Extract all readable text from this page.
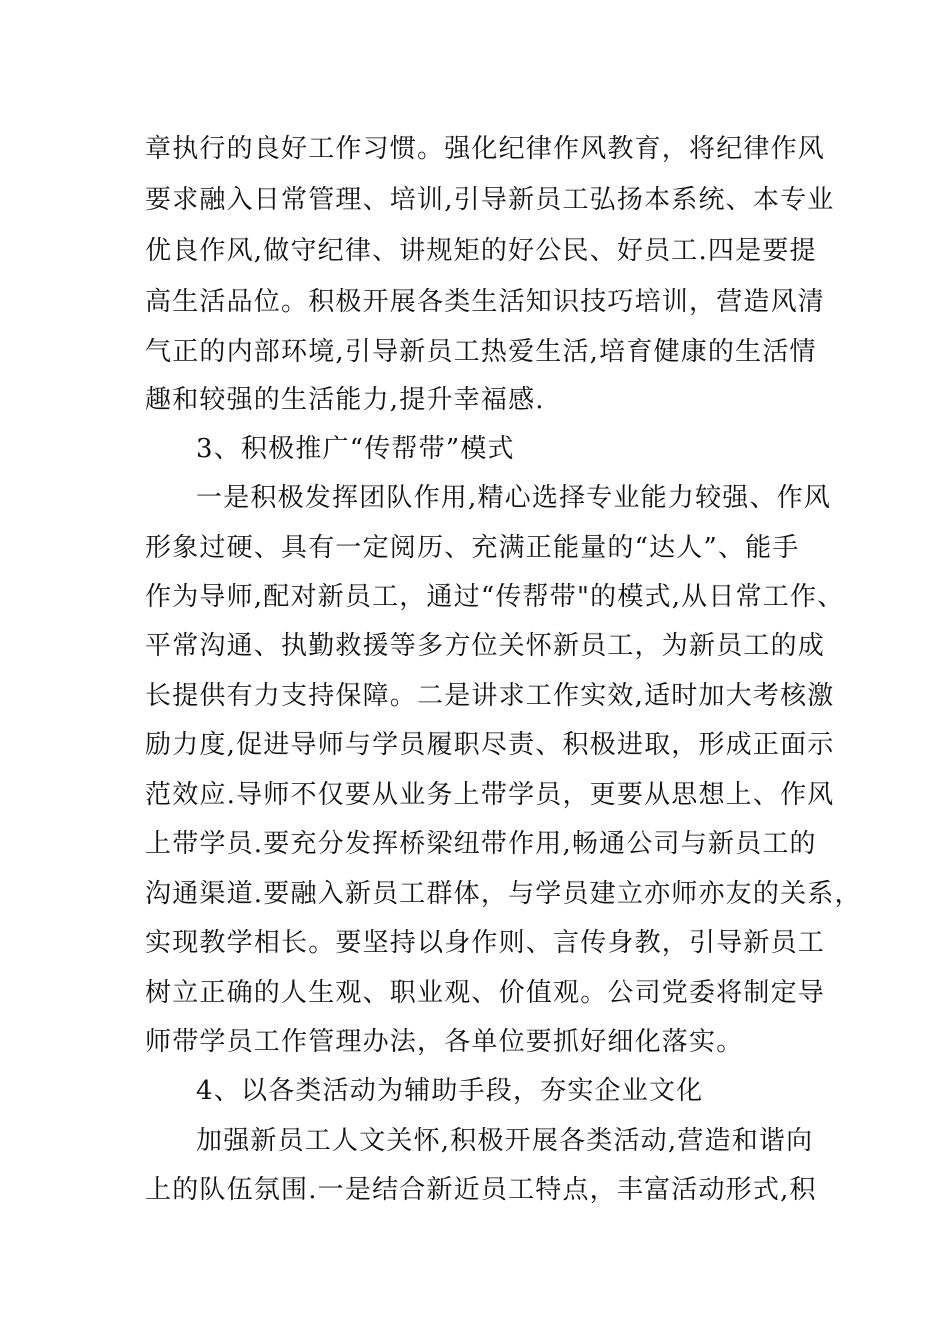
章执行的良好工作习惯。强化纪律作风教育，将纪律作风
要求融入日常管理、培训,引导新员工弘扬本系统、本专业
优良作风,做守纪律、讲规矩的好公民、好员工.四是要提
高生活品位。积极开展各类生活知识技巧培训，营造风清
气正的内部环境,引导新员工热爱生活,培育健康的生活情
趣和较强的生活能力,提升幸福感.
3、积极推广“传帮带”模式
一是积极发挥团队作用,精心选择专业能力较强、作风
形象过硬、具有一定阅历、充满正能量的“达人”、能手
作为导师,配对新员工，通过“传帮带"的模式,从日常工作、
平常沟通、执勤救援等多方位关怀新员工，为新员工的成
长提供有力支持保障。二是讲求工作实效,适时加大考核激
励力度,促进导师与学员履职尽责、积极进取，形成正面示
范效应.导师不仅要从业务上带学员，更要从思想上、作风
上带学员.要充分发挥桥梁纽带作用,畅通公司与新员工的
沟通渠道.要融入新员工群体，与学员建立亦师亦友的关系，
实现教学相长。要坚持以身作则、言传身教，引导新员工
树立正确的人生观、职业观、价值观。公司党委将制定导
师带学员工作管理办法，各单位要抓好细化落实。
4、以各类活动为辅助手段，夯实企业文化
加强新员工人文关怀,积极开展各类活动,营造和谐向
上的队伍氛围.一是结合新近员工特点，丰富活动形式,积
